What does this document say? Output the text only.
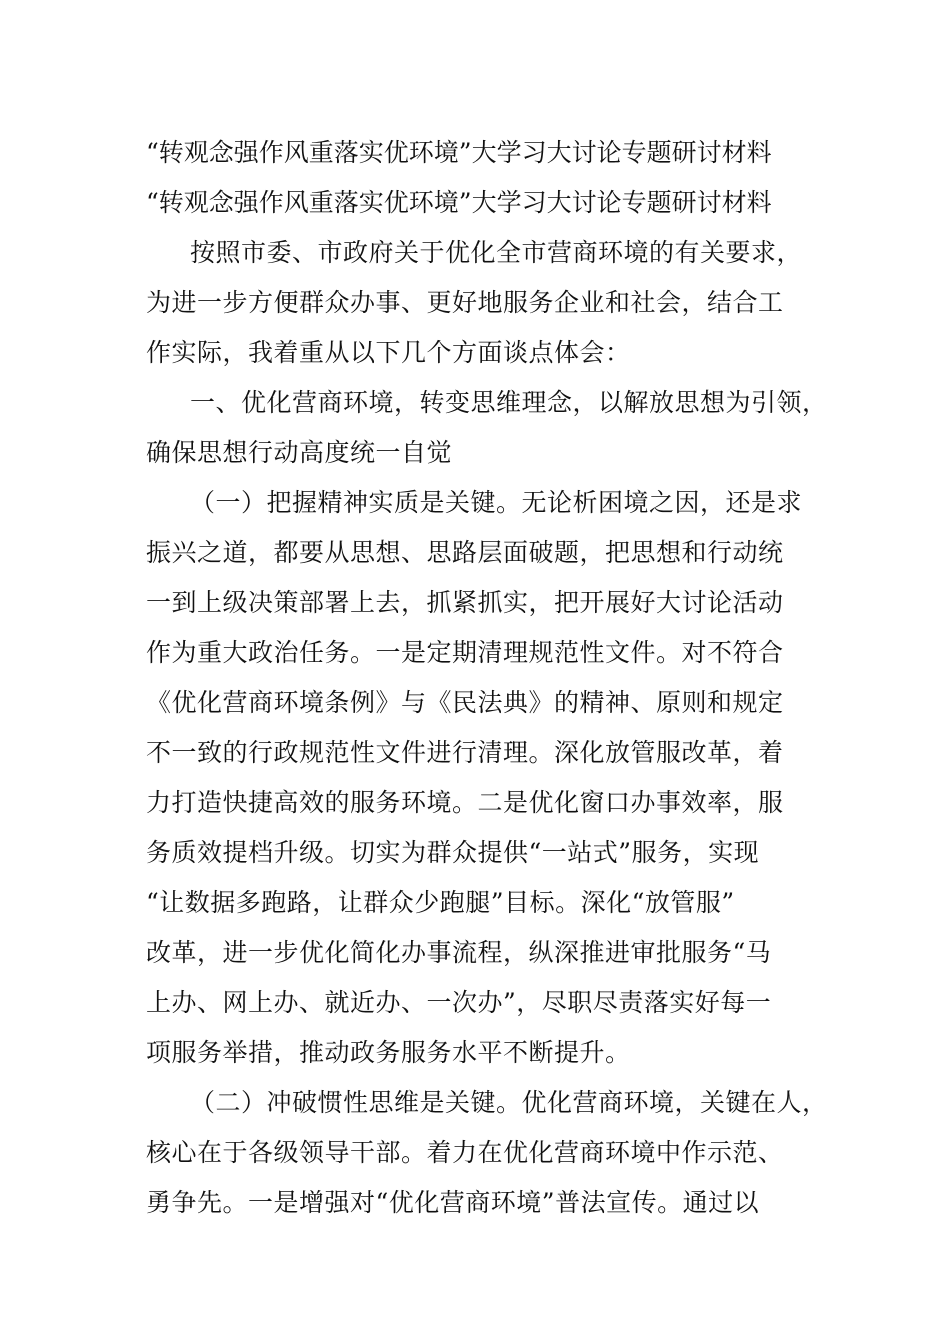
“转观念强作风重落实优环境”大学习大讨论专题研讨材料

“转观念强作风重落实优环境”大学习大讨论专题研讨材料

按照市委、市政府关于优化全市营商环境的有关要求，

为进一步方便群众办事、更好地服务企业和社会，结合工

作实际，我着重从以下几个方面谈点体会：

一、优化营商环境，转变思维理念，以解放思想为引领，

确保思想行动高度统一自觉

（一）把握精神实质是关键。无论析困境之因，还是求

振兴之道，都要从思想、思路层面破题，把思想和行动统

一到上级决策部署上去，抓紧抓实，把开展好大讨论活动

作为重大政治任务。一是定期清理规范性文件。对不符合

《优化营商环境条例》与《民法典》的精神、原则和规定

不一致的行政规范性文件进行清理。深化放管服改革，着

力打造快捷高效的服务环境。二是优化窗口办事效率，服

务质效提档升级。切实为群众提供“一站式”服务，实现

“让数据多跑路，让群众少跑腿”目标。深化“放管服”

改革，进一步优化简化办事流程，纵深推进审批服务“马

上办、网上办、就近办、一次办”，尽职尽责落实好每一

项服务举措，推动政务服务水平不断提升。

（二）冲破惯性思维是关键。优化营商环境，关键在人，

核心在于各级领导干部。着力在优化营商环境中作示范、

勇争先。一是增强对“优化营商环境”普法宣传。通过以
